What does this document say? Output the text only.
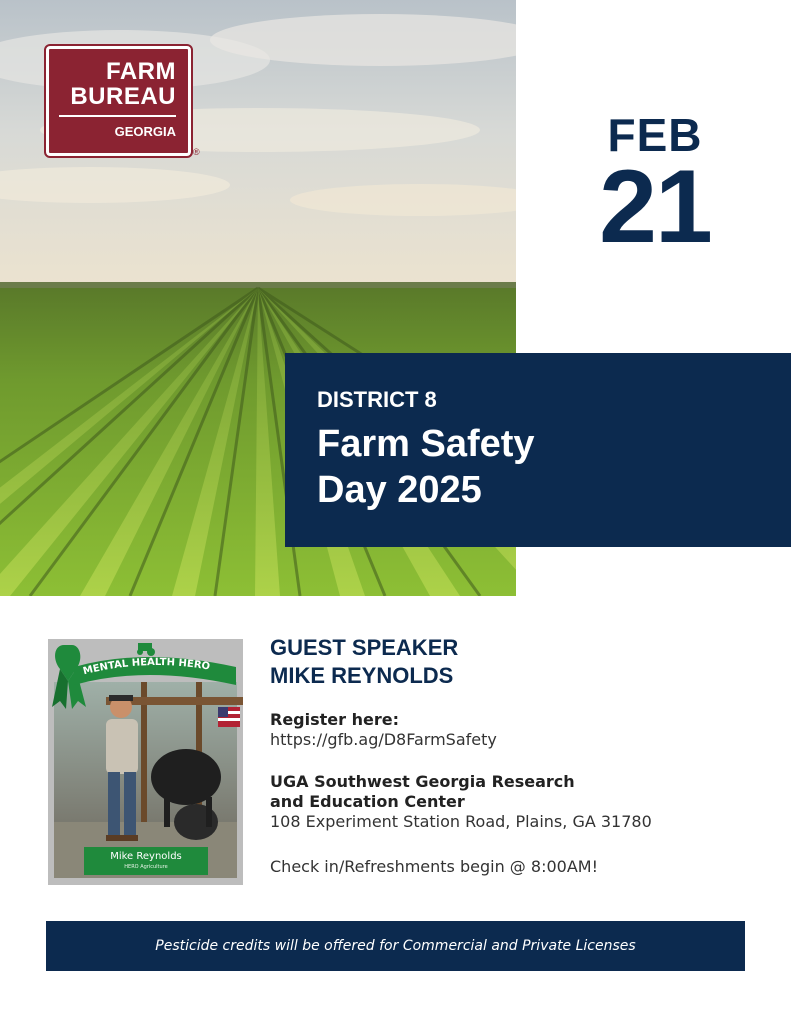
FARM
BUREAU
GEORGIA
®	FEB
21
DISTRICT 8
Farm Safety
Day 2025
MENTAL HEALTH HERO
Mike Reynolds
HERO Agriculture
GUEST SPEAKER
MIKE REYNOLDS
Register here:
https://gfb.ag/D8FarmSafety
UGA Southwest Georgia Research
and Education Center
108 Experiment Station Road, Plains, GA 31780
Check in/Refreshments begin @ 8:00AM!
Pesticide credits will be offered for Commercial and Private Licenses
